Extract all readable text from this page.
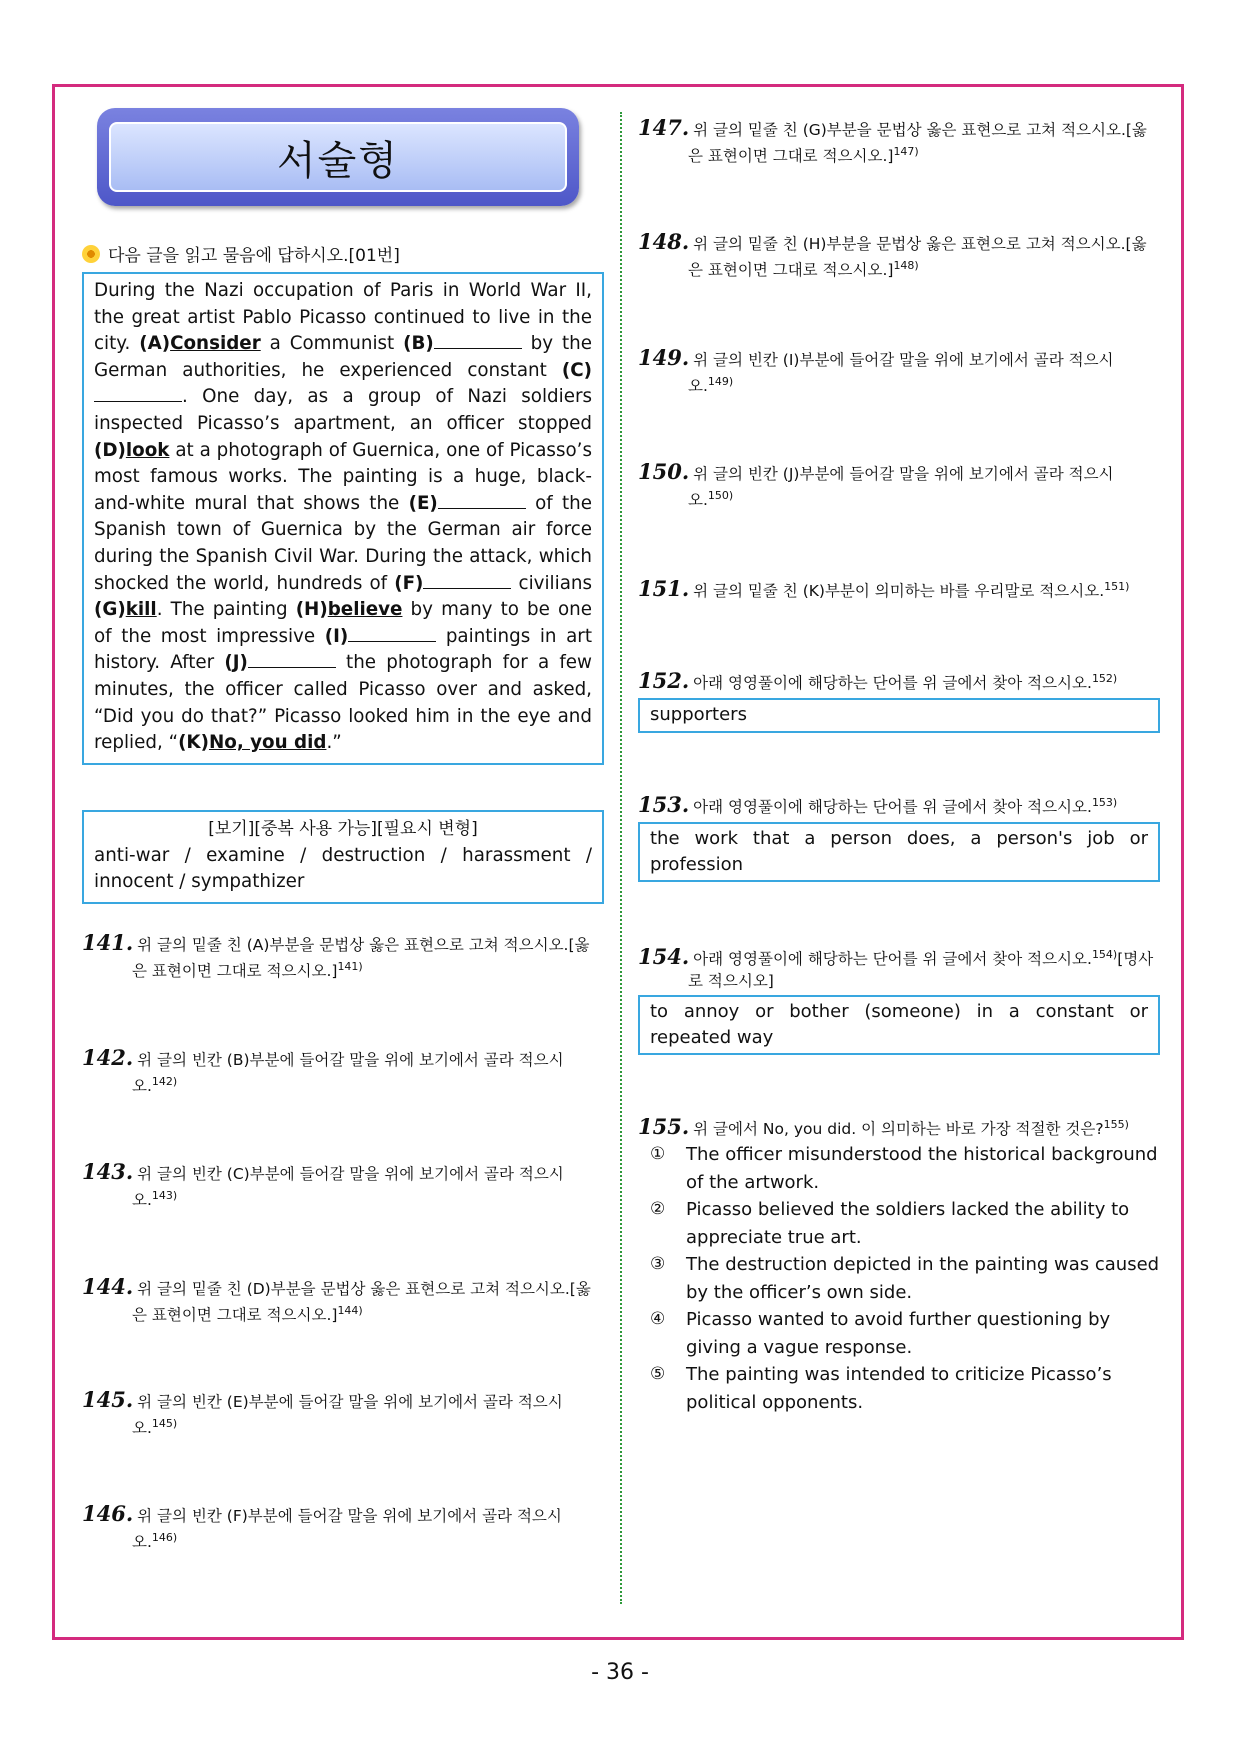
서술형
다음 글을 읽고 물음에 답하시오.[01번]
During the Nazi occupation of Paris in World War II, the great artist Pablo Picasso continued to live in the city. (A)Consider a Communist (B)	by the German authorities, he experienced constant (C). One day, as a group of Nazi soldiers inspected Picasso’s apartment, an officer stopped (D)look at a photograph of Guernica, one of Picasso’s most famous works. The painting is a huge, black-and-white mural that shows the (E)	of the Spanish town of Guernica by the German air force during the Spanish Civil War. During the attack, which shocked the world, hundreds of (F)	civilians (G)kill. The painting (H)believe by many to be one of the most impressive (I)	paintings in art history. After (J)	the photograph for a few minutes, the officer called Picasso over and asked, “Did you do that?” Picasso looked him in the eye and replied, “(K)No, you did.”
[보기][중복 사용 가능][필요시 변형]
anti-war / examine / destruction / harassment / innocent / sympathizer
141. 위 글의 밑줄 친 (A)부분을 문법상 옳은 표현으로 고쳐 적으시오.[옳
은 표현이면 그대로 적으시오.]$^{141)}$
142. 위 글의 빈칸 (B)부분에 들어갈 말을 위에 보기에서 골라 적으시
오.$^{142)}$
143. 위 글의 빈칸 (C)부분에 들어갈 말을 위에 보기에서 골라 적으시
오.$^{143)}$
144. 위 글의 밑줄 친 (D)부분을 문법상 옳은 표현으로 고쳐 적으시오.[옳
은 표현이면 그대로 적으시오.]$^{144)}$
145. 위 글의 빈칸 (E)부분에 들어갈 말을 위에 보기에서 골라 적으시
오.$^{145)}$
146. 위 글의 빈칸 (F)부분에 들어갈 말을 위에 보기에서 골라 적으시
오.$^{146)}$
147. 위 글의 밑줄 친 (G)부분을 문법상 옳은 표현으로 고쳐 적으시오.[옳
은 표현이면 그대로 적으시오.]$^{147)}$
148. 위 글의 밑줄 친 (H)부분을 문법상 옳은 표현으로 고쳐 적으시오.[옳
은 표현이면 그대로 적으시오.]$^{148)}$
149. 위 글의 빈칸 (I)부분에 들어갈 말을 위에 보기에서 골라 적으시
오.$^{149)}$
150. 위 글의 빈칸 (J)부분에 들어갈 말을 위에 보기에서 골라 적으시
오.$^{150)}$
151. 위 글의 밑줄 친 (K)부분이 의미하는 바를 우리말로 적으시오.$^{151)}$
152. 아래 영영풀이에 해당하는 단어를 위 글에서 찾아 적으시오.$^{152)}$
supporters
153. 아래 영영풀이에 해당하는 단어를 위 글에서 찾아 적으시오.$^{153)}$
the work that a person does, a person's job or profession
154. 아래 영영풀이에 해당하는 단어를 위 글에서 찾아 적으시오.$^{154)}$[명사
로 적으시오]
to annoy or bother (someone) in a constant or repeated way
155. 위 글에서 No, you did. 이 의미하는 바로 가장 적절한 것은?$^{155)}$
①	The officer misunderstood the historical background of the artwork.
②	Picasso believed the soldiers lacked the ability to appreciate true art.
③	The destruction depicted in the painting was caused by the officer’s own side.
④	Picasso wanted to avoid further questioning by giving a vague response.
⑤	The painting was intended to criticize Picasso’s political opponents.
- 36 -
